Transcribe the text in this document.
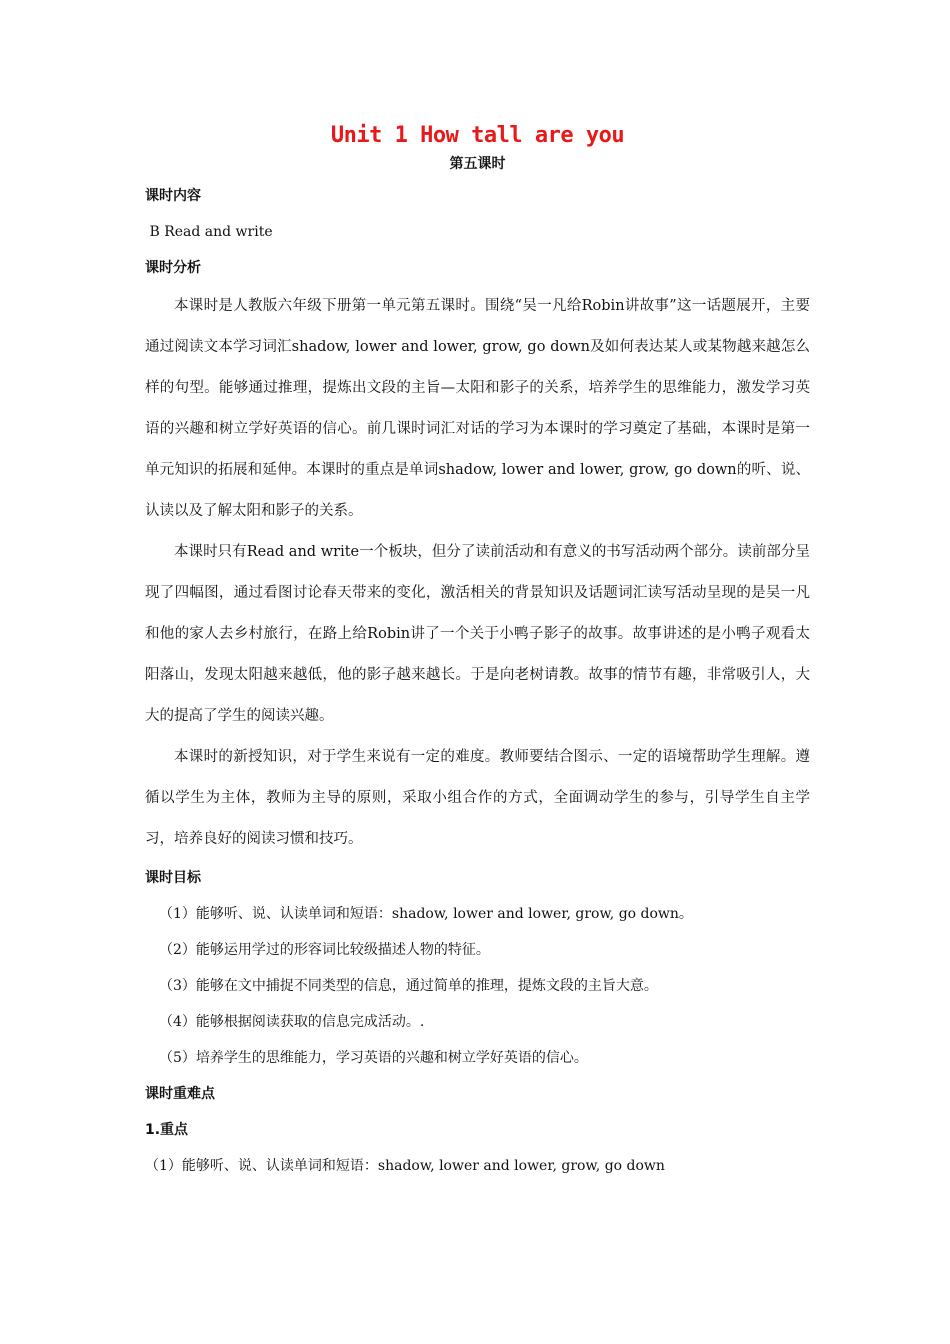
Unit 1 How tall are you
第五课时
课时内容
B Read and write
课时分析

本课时是人教版六年级下册第一单元第五课时。围绕“吴一凡给Robin讲故事”这一话题展开，主要通过阅读文本学习词汇shadow, lower and lower, grow, go down及如何表达某人或某物越来越怎么样的句型。能够通过推理，提炼出文段的主旨—太阳和影子的关系，培养学生的思维能力，激发学习英语的兴趣和树立学好英语的信心。前几课时词汇对话的学习为本课时的学习奠定了基础，本课时是第一单元知识的拓展和延伸。本课时的重点是单词shadow, lower and lower, grow, go down的听、说、认读以及了解太阳和影子的关系。

本课时只有Read and write一个板块，但分了读前活动和有意义的书写活动两个部分。读前部分呈现了四幅图，通过看图讨论春天带来的变化，激活相关的背景知识及话题词汇读写活动呈现的是吴一凡和他的家人去乡村旅行，在路上给Robin讲了一个关于小鸭子影子的故事。故事讲述的是小鸭子观看太阳落山，发现太阳越来越低，他的影子越来越长。于是向老树请教。故事的情节有趣，非常吸引人，大大的提高了学生的阅读兴趣。

本课时的新授知识，对于学生来说有一定的难度。教师要结合图示、一定的语境帮助学生理解。遵循以学生为主体，教师为主导的原则，采取小组合作的方式，全面调动学生的参与，引导学生自主学习，培养良好的阅读习惯和技巧。

课时目标
（1）能够听、说、认读单词和短语：shadow, lower and lower, grow, go down。
（2）能够运用学过的形容词比较级描述人物的特征。
（3）能够在文中捕捉不同类型的信息，通过简单的推理，提炼文段的主旨大意。
（4）能够根据阅读获取的信息完成活动。.
（5）培养学生的思维能力，学习英语的兴趣和树立学好英语的信心。
课时重难点
1.重点
（1）能够听、说、认读单词和短语：shadow, lower and lower, grow, go down
